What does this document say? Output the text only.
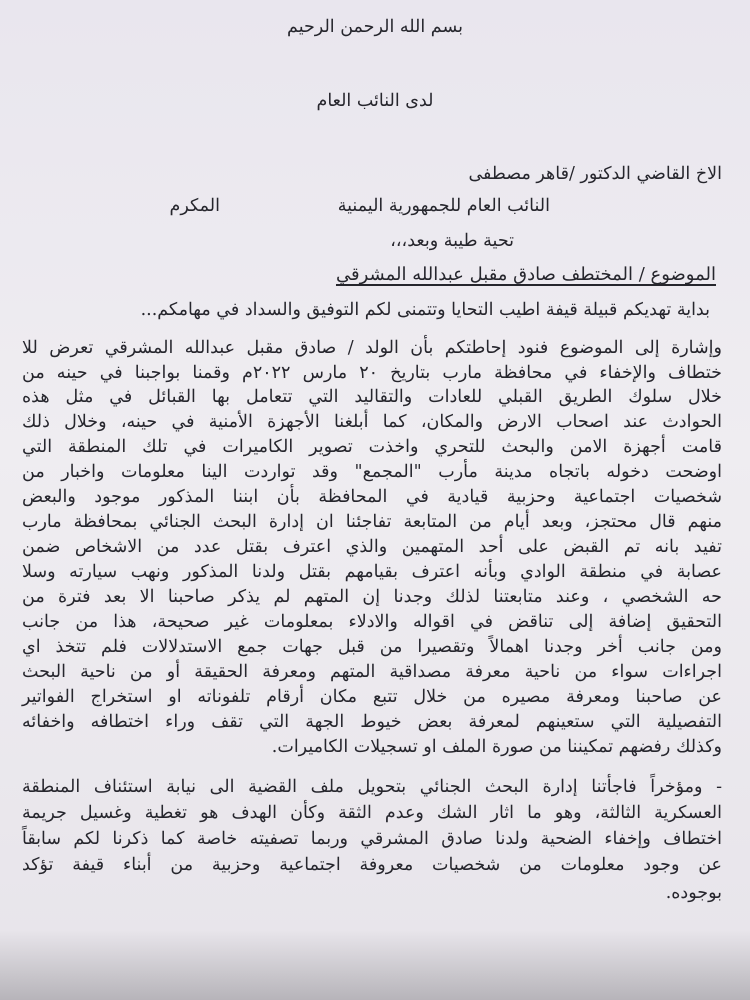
بسم الله الرحمن الرحيم
لدى النائب العام
الاخ القاضي الدكتور /قاهر مصطفى
النائب العام للجمهورية اليمنية
المكرم
تحية طيبة وبعد،،،
الموضوع / المختطف صادق مقبل عبدالله المشرقي
بداية تهديكم قبيلة قيفة اطيب التحايا وتتمنى لكم التوفيق والسداد في مهامكم...
وإشارة إلى الموضوع فنود إحاطتكم بأن الولد / صادق مقبل عبدالله المشرقي تعرض للا
ختطاف والإخفاء في محافظة مارب بتاريخ ٢٠ مارس ٢٠٢٢م وقمنا بواجبنا في حينه من
خلال سلوك الطريق القبلي للعادات والتقاليد التي تتعامل بها القبائل في مثل هذه
الحوادث عند اصحاب الارض والمكان، كما أبلغنا الأجهزة الأمنية في حينه، وخلال ذلك
قامت أجهزة الامن والبحث للتحري واخذت تصوير الكاميرات في تلك المنطقة التي
اوضحت دخوله باتجاه مدينة مأرب "المجمع" وقد تواردت الينا معلومات واخبار من
شخصيات اجتماعية وحزبية قيادية في المحافظة بأن ابننا المذكور موجود والبعض
منهم قال محتجز، وبعد أيام من المتابعة تفاجئنا ان إدارة البحث الجنائي بمحافظة مارب
تفيد بانه تم القبض على أحد المتهمين والذي اعترف بقتل عدد من الاشخاص ضمن
عصابة في منطقة الوادي وبأنه اعترف بقيامهم بقتل ولدنا المذكور ونهب سيارته وسلا
حه الشخصي ، وعند متابعتنا لذلك وجدنا إن المتهم لم يذكر صاحبنا الا بعد فترة من
التحقيق إضافة إلى تناقض في اقواله والادلاء بمعلومات غير صحيحة، هذا من جانب
ومن جانب أخر وجدنا اهمالاً وتقصيرا من قبل جهات جمع الاستدلالات فلم تتخذ اي
اجراءات سواء من ناحية معرفة مصداقية المتهم ومعرفة الحقيقة أو من ناحية البحث
عن صاحبنا ومعرفة مصيره من خلال تتبع مكان أرقام تلفوناته او استخراج الفواتير
التفصيلية التي ستعينهم لمعرفة بعض خيوط الجهة التي تقف وراء اختطافه واخفائه
وكذلك رفضهم تمكيننا من صورة الملف او تسجيلات الكاميرات.
- ومؤخراً فاجأتنا إدارة البحث الجنائي بتحويل ملف القضية الى نيابة استئناف المنطقة
العسكرية الثالثة، وهو ما اثار الشك وعدم الثقة وكأن الهدف هو تغطية وغسيل جريمة
اختطاف وإخفاء الضحية ولدنا صادق المشرقي وربما تصفيته خاصة كما ذكرنا لكم سابقاً
عن وجود معلومات من شخصيات معروفة اجتماعية وحزبية من أبناء قيفة تؤكد
بوجوده.
